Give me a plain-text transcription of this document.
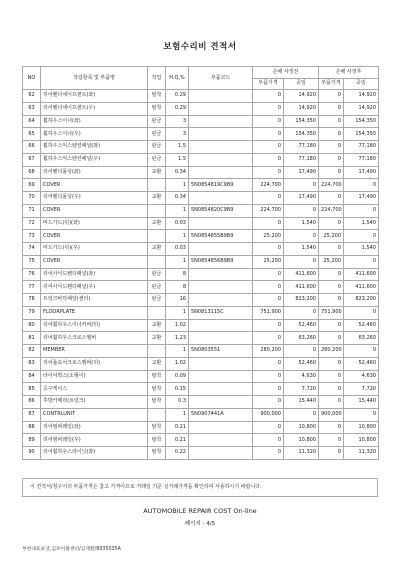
보험수리비 견적서
NO	작업항목 및 부품명	작업	H.Q,%	부품코드	손해 사정전		손해 사정후	
					부품가격	공임	부품가격	공임
62	리어휀더세이프센트(좌)	탈착	0.29		0	14,920	0	14,920
63	리어휀더세이프센트(우)	탈착	0.29		0	14,920	0	14,920
64	휠하우스이너(좌)	판금	3		0	154,350	0	154,350
65	휠하우스이너(우)	판금	3		0	154,350	0	154,350
66	휠하우스익스텐션패널(좌)	판금	1.5		0	77,180	0	77,180
67	휠하우스익스텐션패널(우)	판금	1.5		0	77,180	0	77,180
68	리어휀더몰딩(좌)	교환	0.34		0	17,490	0	17,490
69	COVER		1	5N0854819C9B9	224,700	0	224,700	0
70	리어휀더몰딩(우)	교환	0.34		0	17,490	0	17,490
71	COVER		1	5N0854820C9B9	224,700	0	224,700	0
72	머드가드(뒤)(좌)	교환	0.03		0	1,540	0	1,540
73	COVER		1	5N0854855B9B9	25,200	0	25,200	0
74	머드가드(뒤)(우)	교환	0.03		0	1,540	0	1,540
75	COVER		1	5N0854856B9B9	25,200	0	25,200	0
76	리어사이드휀더패널(좌)	판금	8		0	411,600	0	411,600
77	리어사이드휀더패널(우)	판금	8		0	411,600	0	411,600
78	트렁크바닥패널(센터)	판금	16		0	823,200	0	823,200
79	FLOORPLATE		1	5N0813115C	751,900	0	751,900	0
80	리어휠하우스이너커버(뒤)	교환	1.02		0	52,460	0	52,460
81	리어휠하우스크로스멤버	교환	1.23		0	63,260	0	63,260
82	MEMBER		1	5N0803551	280,200	0	280,200	0
83	리어플로어크로스멤버(뒤)	교환	1.02		0	52,460	0	52,460
84	타이어박스(소형이)	탈착	0.09		0	4,630	0	4,630
85	공구케이스	탈착	0.15		0	7,720	0	7,720
86	후방카메라(트렁크)	탈착	0.3		0	15,440	0	15,440
87	CONTRLUNIT		1	5N0907441A	900,000	0	900,000	0
88	리어범퍼레일(좌)	탈착	0.21		0	10,800	0	10,800
89	리어범퍼레일(우)	탈착	0.21		0	10,800	0	10,800
90	리어휠하우스라이닝(좌)	탈착	0.22		0	11,320	0	11,320
이 견적서/청구서의 부품가격은 참고 가격이므로 거래일 기준 실거래가격을 확인하여 사용하시기 바랍니다.
AUTOMOBILE REPAIR COST On-line
페이지 : 4/5
부천대표보상,김포이룹센터/김재환/8035035A
